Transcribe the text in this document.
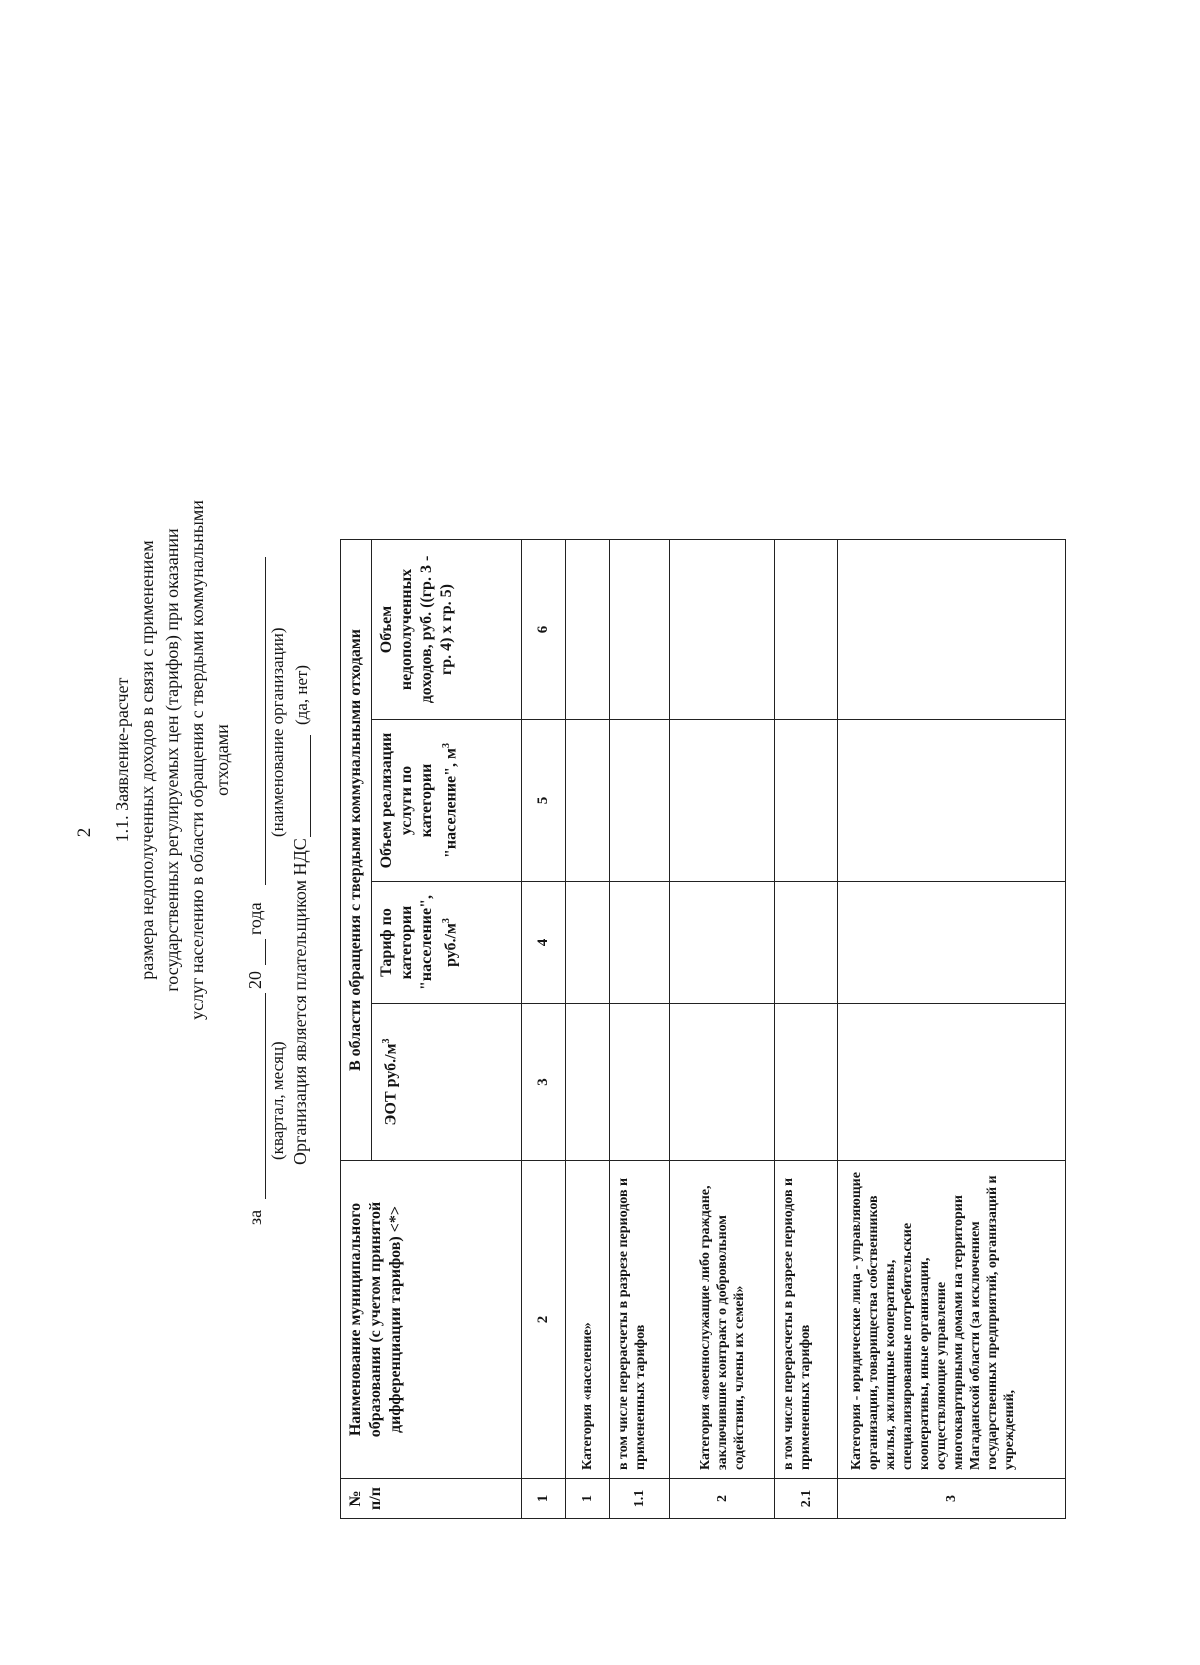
2 1.1. Заявление-расчет размера недополученных доходов в связи с применением государственных регулируемых цен (тарифов) при оказании услуг населению в области обращения с твердыми коммунальными отходами
за
20
года
(квартал, месяц)
(наименование организации)
Организация является плательщиком НДС
(да, нет)
№ п/п	Наименование муниципального образования (с учетом принятой дифференциации тарифов) <*>	В области обращения с твердыми коммунальными отходами			
		ЭОТ $руб./м^3$	Тариф по категории "население", $руб./м^3$	Объем реализации услуги по категории "население", $м^3$	Объем недополученных доходов, руб. ((гр. 3 - гр. 4) х гр. 5)
1	2	3	4	5	6
1	Категория «население»				
1.1	в том числе перерасчеты в разрезе периодов и примененных тарифов				
2	Категория «военнослужащие либо граждане, заключившие контракт о добровольном содействии, члены их семей»				
2.1	в том числе перерасчеты в разрезе периодов и примененных тарифов				
3	Категория - юридические лица - управляющие организации, товарищества собственников жилья, жилищные кооперативы, специализированные потребительские кооперативы, иные организации, осуществляющие управление многоквартирными домами на территории Магаданской области (за исключением государственных предприятий, организаций и учреждений,				
